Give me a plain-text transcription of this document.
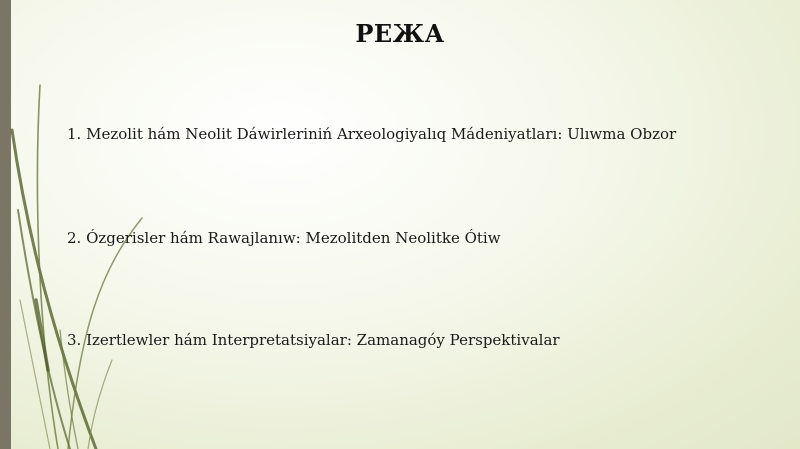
РЕЖА
1. Mezolit hám Neolit Dáwirleriniń Arxeologiyalıq Mádeniyatları: Ulıwma Obzor
2. Ózgerisler hám Rawajlanıw: Mezolitden Neolitke Ótiw
3. Izertlewler hám Interpretatsiyalar: Zamanagóy Perspektivalar
